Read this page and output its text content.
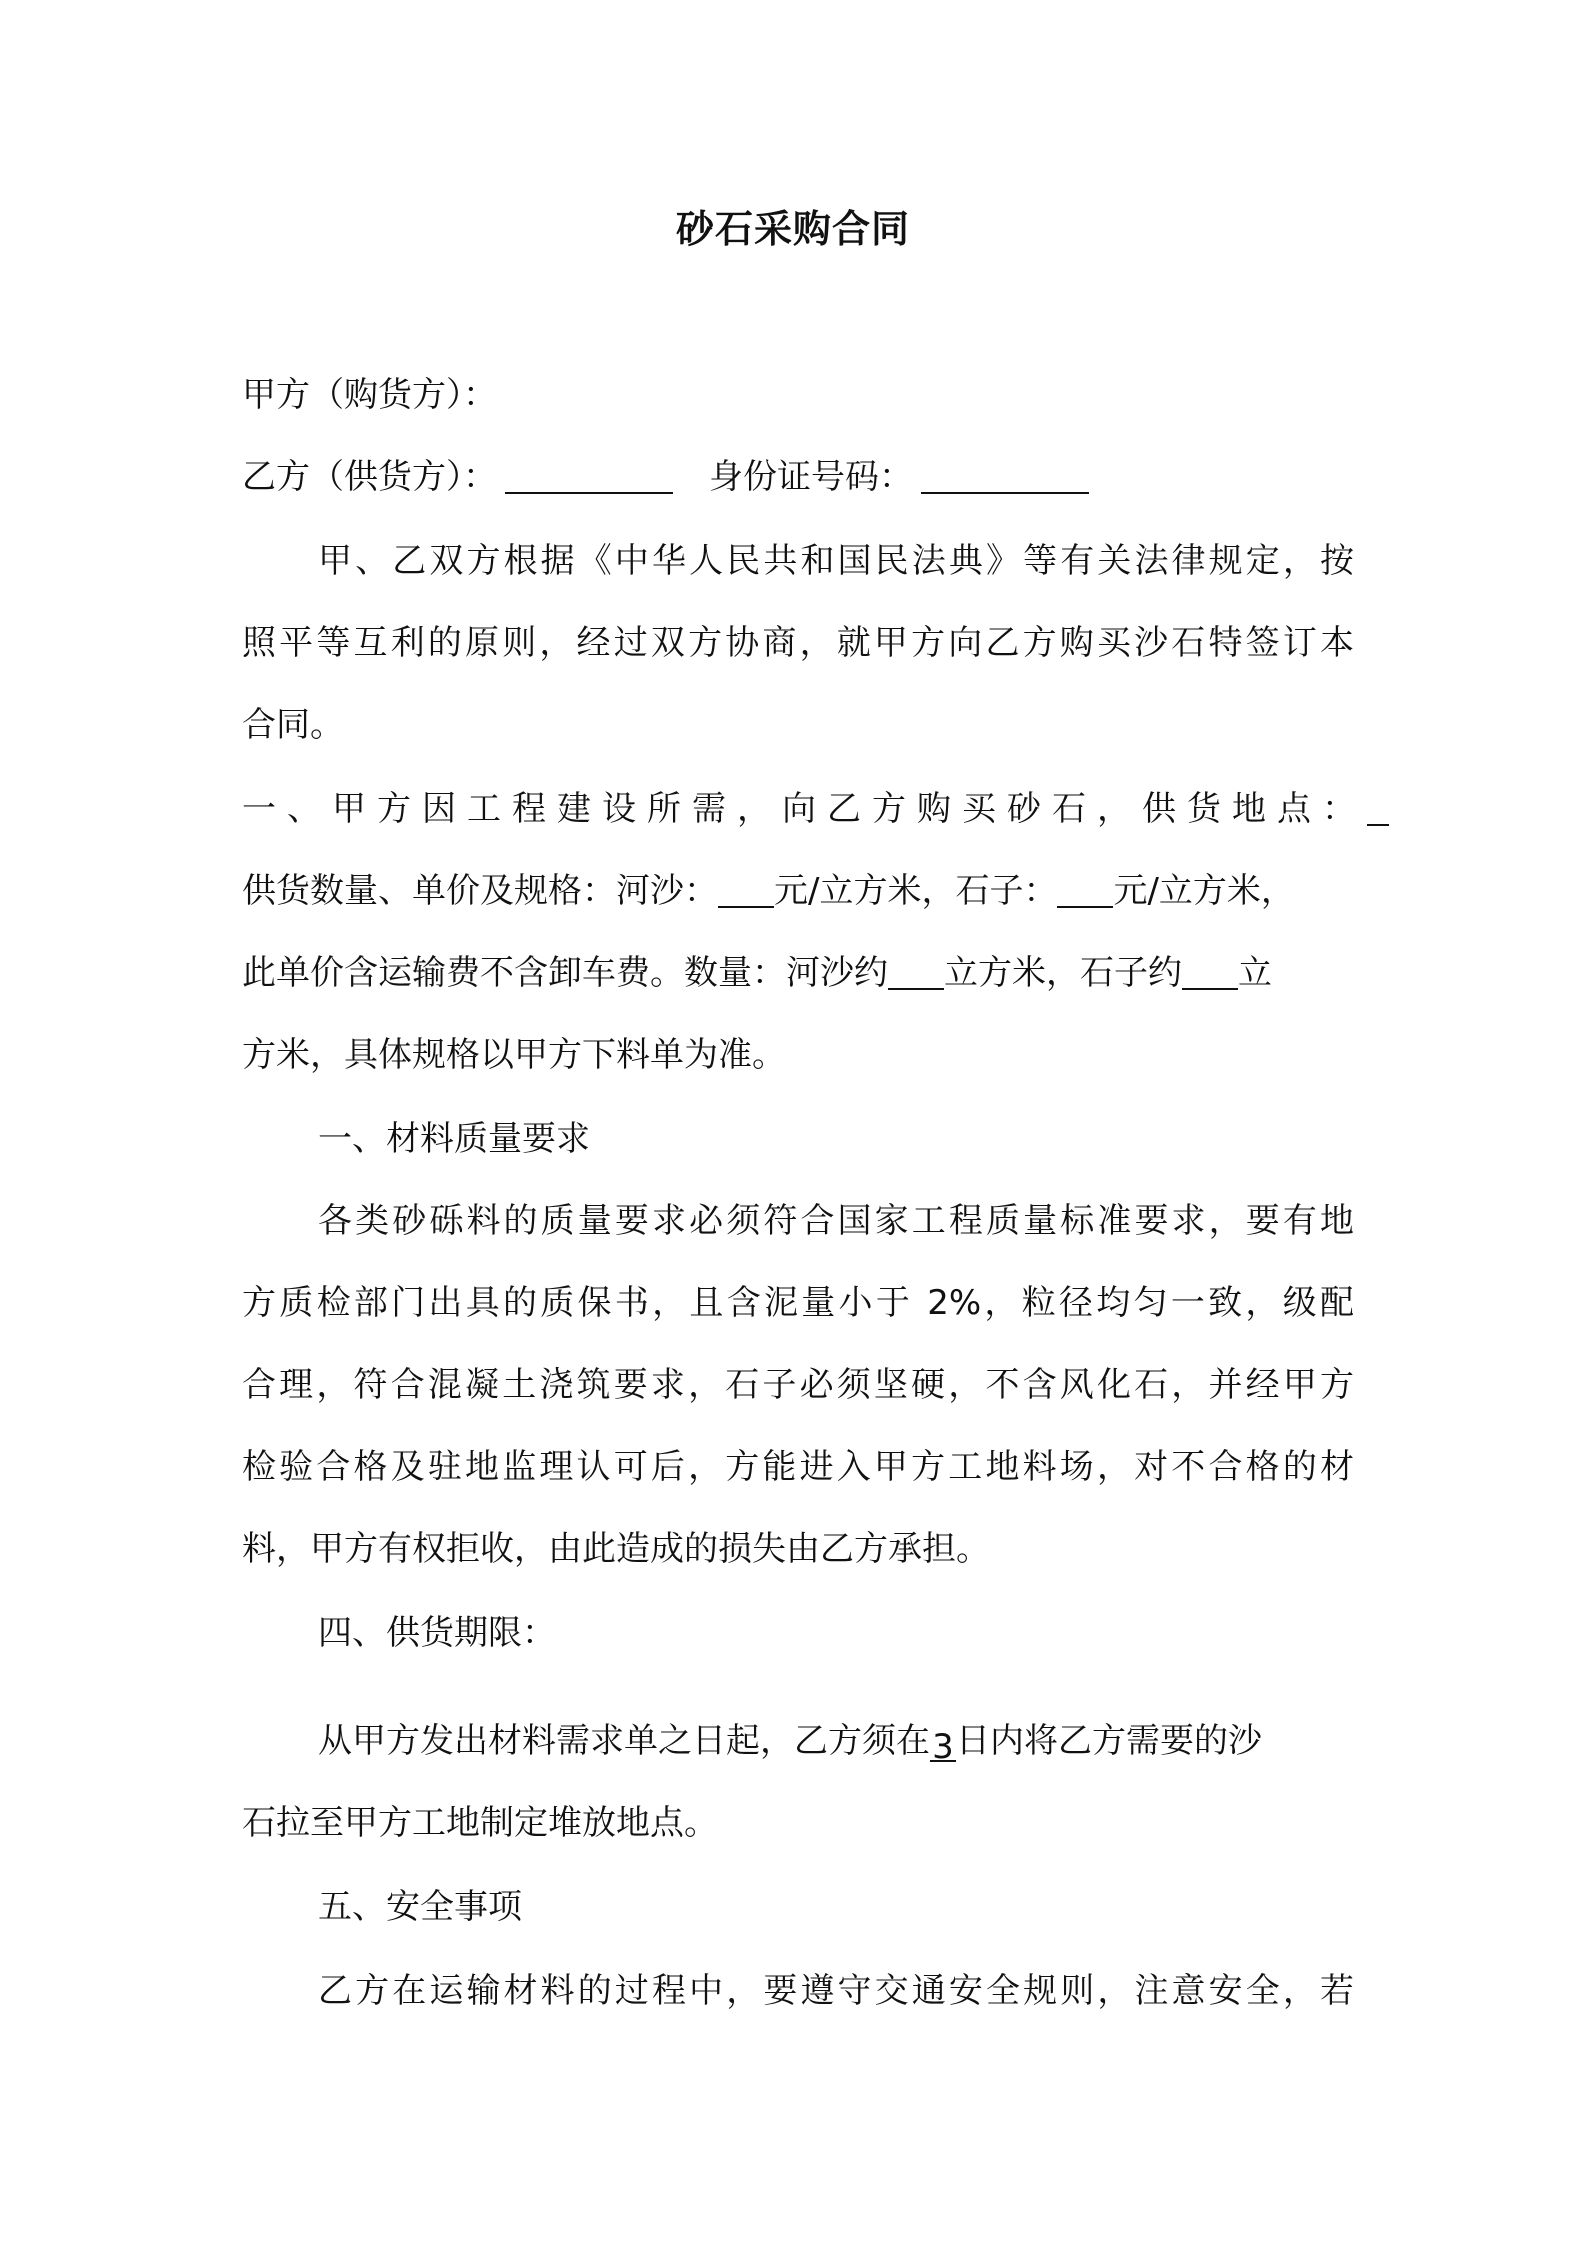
砂石采购合同
甲方（购货方）：
乙方（供货方）：	身份证号码：
甲、乙双方根据《中华人民共和国民法典》等有关法律规定，按
照平等互利的原则，经过双方协商，就甲方向乙方购买沙石特签订本
合同。
一、甲方因工程建设所需，向乙方购买砂石，供货地点：
供货数量、单价及规格：河沙： 元/立方米，石子： 元/立方米，
此单价含运输费不含卸车费。数量：河沙约 立方米，石子约 立
方米，具体规格以甲方下料单为准。
一、材料质量要求
各类砂砾料的质量要求必须符合国家工程质量标准要求，要有地
方质检部门出具的质保书，且含泥量小于 2%，粒径均匀一致，级配
合理，符合混凝土浇筑要求，石子必须坚硬，不含风化石，并经甲方
检验合格及驻地监理认可后，方能进入甲方工地料场，对不合格的材
料，甲方有权拒收，由此造成的损失由乙方承担。
四、供货期限：
从甲方发出材料需求单之日起，乙方须在3日内将乙方需要的沙
石拉至甲方工地制定堆放地点。
五、安全事项
乙方在运输材料的过程中，要遵守交通安全规则，注意安全，若
